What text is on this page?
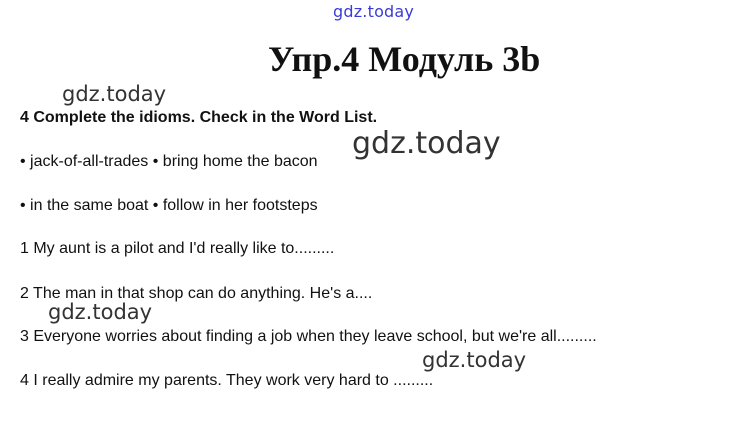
gdz.today
Упр.4 Модуль 3b
gdz.today
gdz.today
gdz.today
gdz.today
4 Complete the idioms. Check in the Word List.
• jack-of-all-trades • bring home the bacon
• in the same boat • follow in her footsteps
1 My aunt is a pilot and I'd really like to.........
2 The man in that shop can do anything. He's a....
3 Everyone worries about finding a job when they leave school, but we're all.........
4 I really admire my parents. They work very hard to .........
